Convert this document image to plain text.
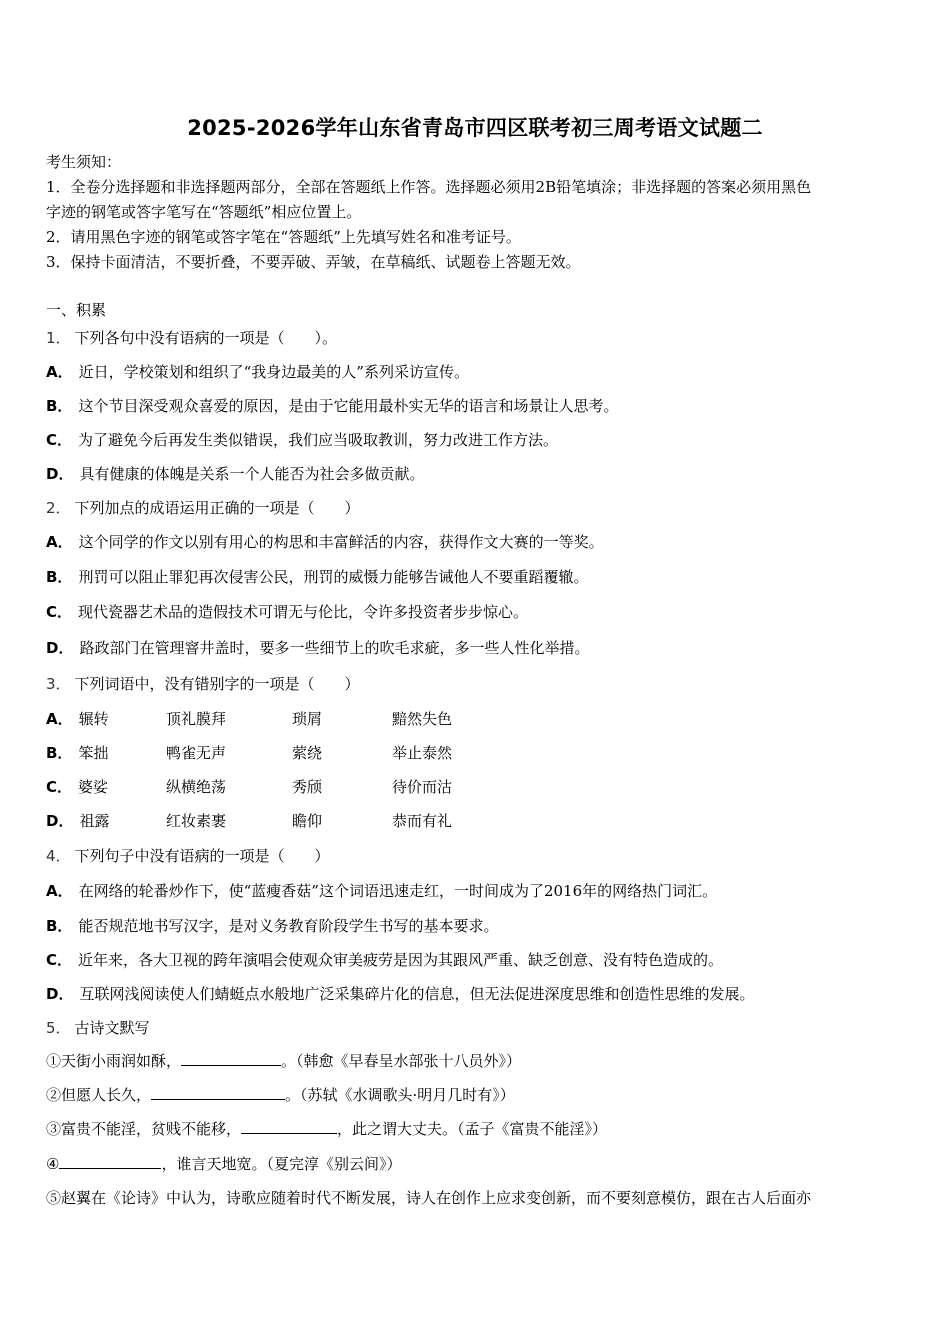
2025-2026学年山东省青岛市四区联考初三周考语文试题二
考生须知：
1．全卷分选择题和非选择题两部分，全部在答题纸上作答。选择题必须用2B铅笔填涂；非选择题的答案必须用黑色
字迹的钢笔或答字笔写在“答题纸”相应位置上。
2．请用黑色字迹的钢笔或答字笔在“答题纸”上先填写姓名和准考证号。
3．保持卡面清洁，不要折叠，不要弄破、弄皱，在草稿纸、试题卷上答题无效。
一、积累
1． 下列各句中没有语病的一项是（　　）。
A． 近日，学校策划和组织了“我身边最美的人”系列采访宣传。
B． 这个节目深受观众喜爱的原因，是由于它能用最朴实无华的语言和场景让人思考。
C． 为了避免今后再发生类似错误，我们应当吸取教训，努力改进工作方法。
D． 具有健康的体魄是关系一个人能否为社会多做贡献。
2． 下列加点的成语运用正确的一项是（　　）
A． 这个同学的作文以别有用心的构思和丰富鲜活的内容，获得作文大赛的一等奖。
B． 刑罚可以阻止罪犯再次侵害公民，刑罚的威慑力能够告诫他人不要重蹈覆辙。
C． 现代瓷器艺术品的造假技术可谓无与伦比，令许多投资者步步惊心。
D． 路政部门在管理窨井盖时，要多一些细节上的吹毛求疵，多一些人性化举措。
3． 下列词语中，没有错别字的一项是（　　）
A． 辗转	顶礼膜拜	琐屑	黯然失色
B． 笨拙	鸭雀无声	萦绕	举止泰然
C． 婆娑	纵横绝荡	秀颀	待价而沽
D． 祖露	红妆素裹	瞻仰	恭而有礼
4． 下列句子中没有语病的一项是（　　）
A． 在网络的轮番炒作下，使“蓝瘦香菇”这个词语迅速走红，一时间成为了2016年的网络热门词汇。
B． 能否规范地书写汉字，是对义务教育阶段学生书写的基本要求。
C． 近年来，各大卫视的跨年演唱会使观众审美疲劳是因为其跟风严重、缺乏创意、没有特色造成的。
D． 互联网浅阅读使人们蜻蜓点水般地广泛采集碎片化的信息，但无法促进深度思维和创造性思维的发展。
5． 古诗文默写
①天街小雨润如酥，	。（韩愈《早春呈水部张十八员外》）
②但愿人长久，	。（苏轼《水调歌头·明月几时有》）
③富贵不能淫，贫贱不能移，	，此之谓大丈夫。（孟子《富贵不能淫》）
④	，谁言天地宽。（夏完淳《别云间》）
⑤赵翼在《论诗》中认为，诗歌应随着时代不断发展，诗人在创作上应求变创新，而不要刻意模仿，跟在古人后面亦
